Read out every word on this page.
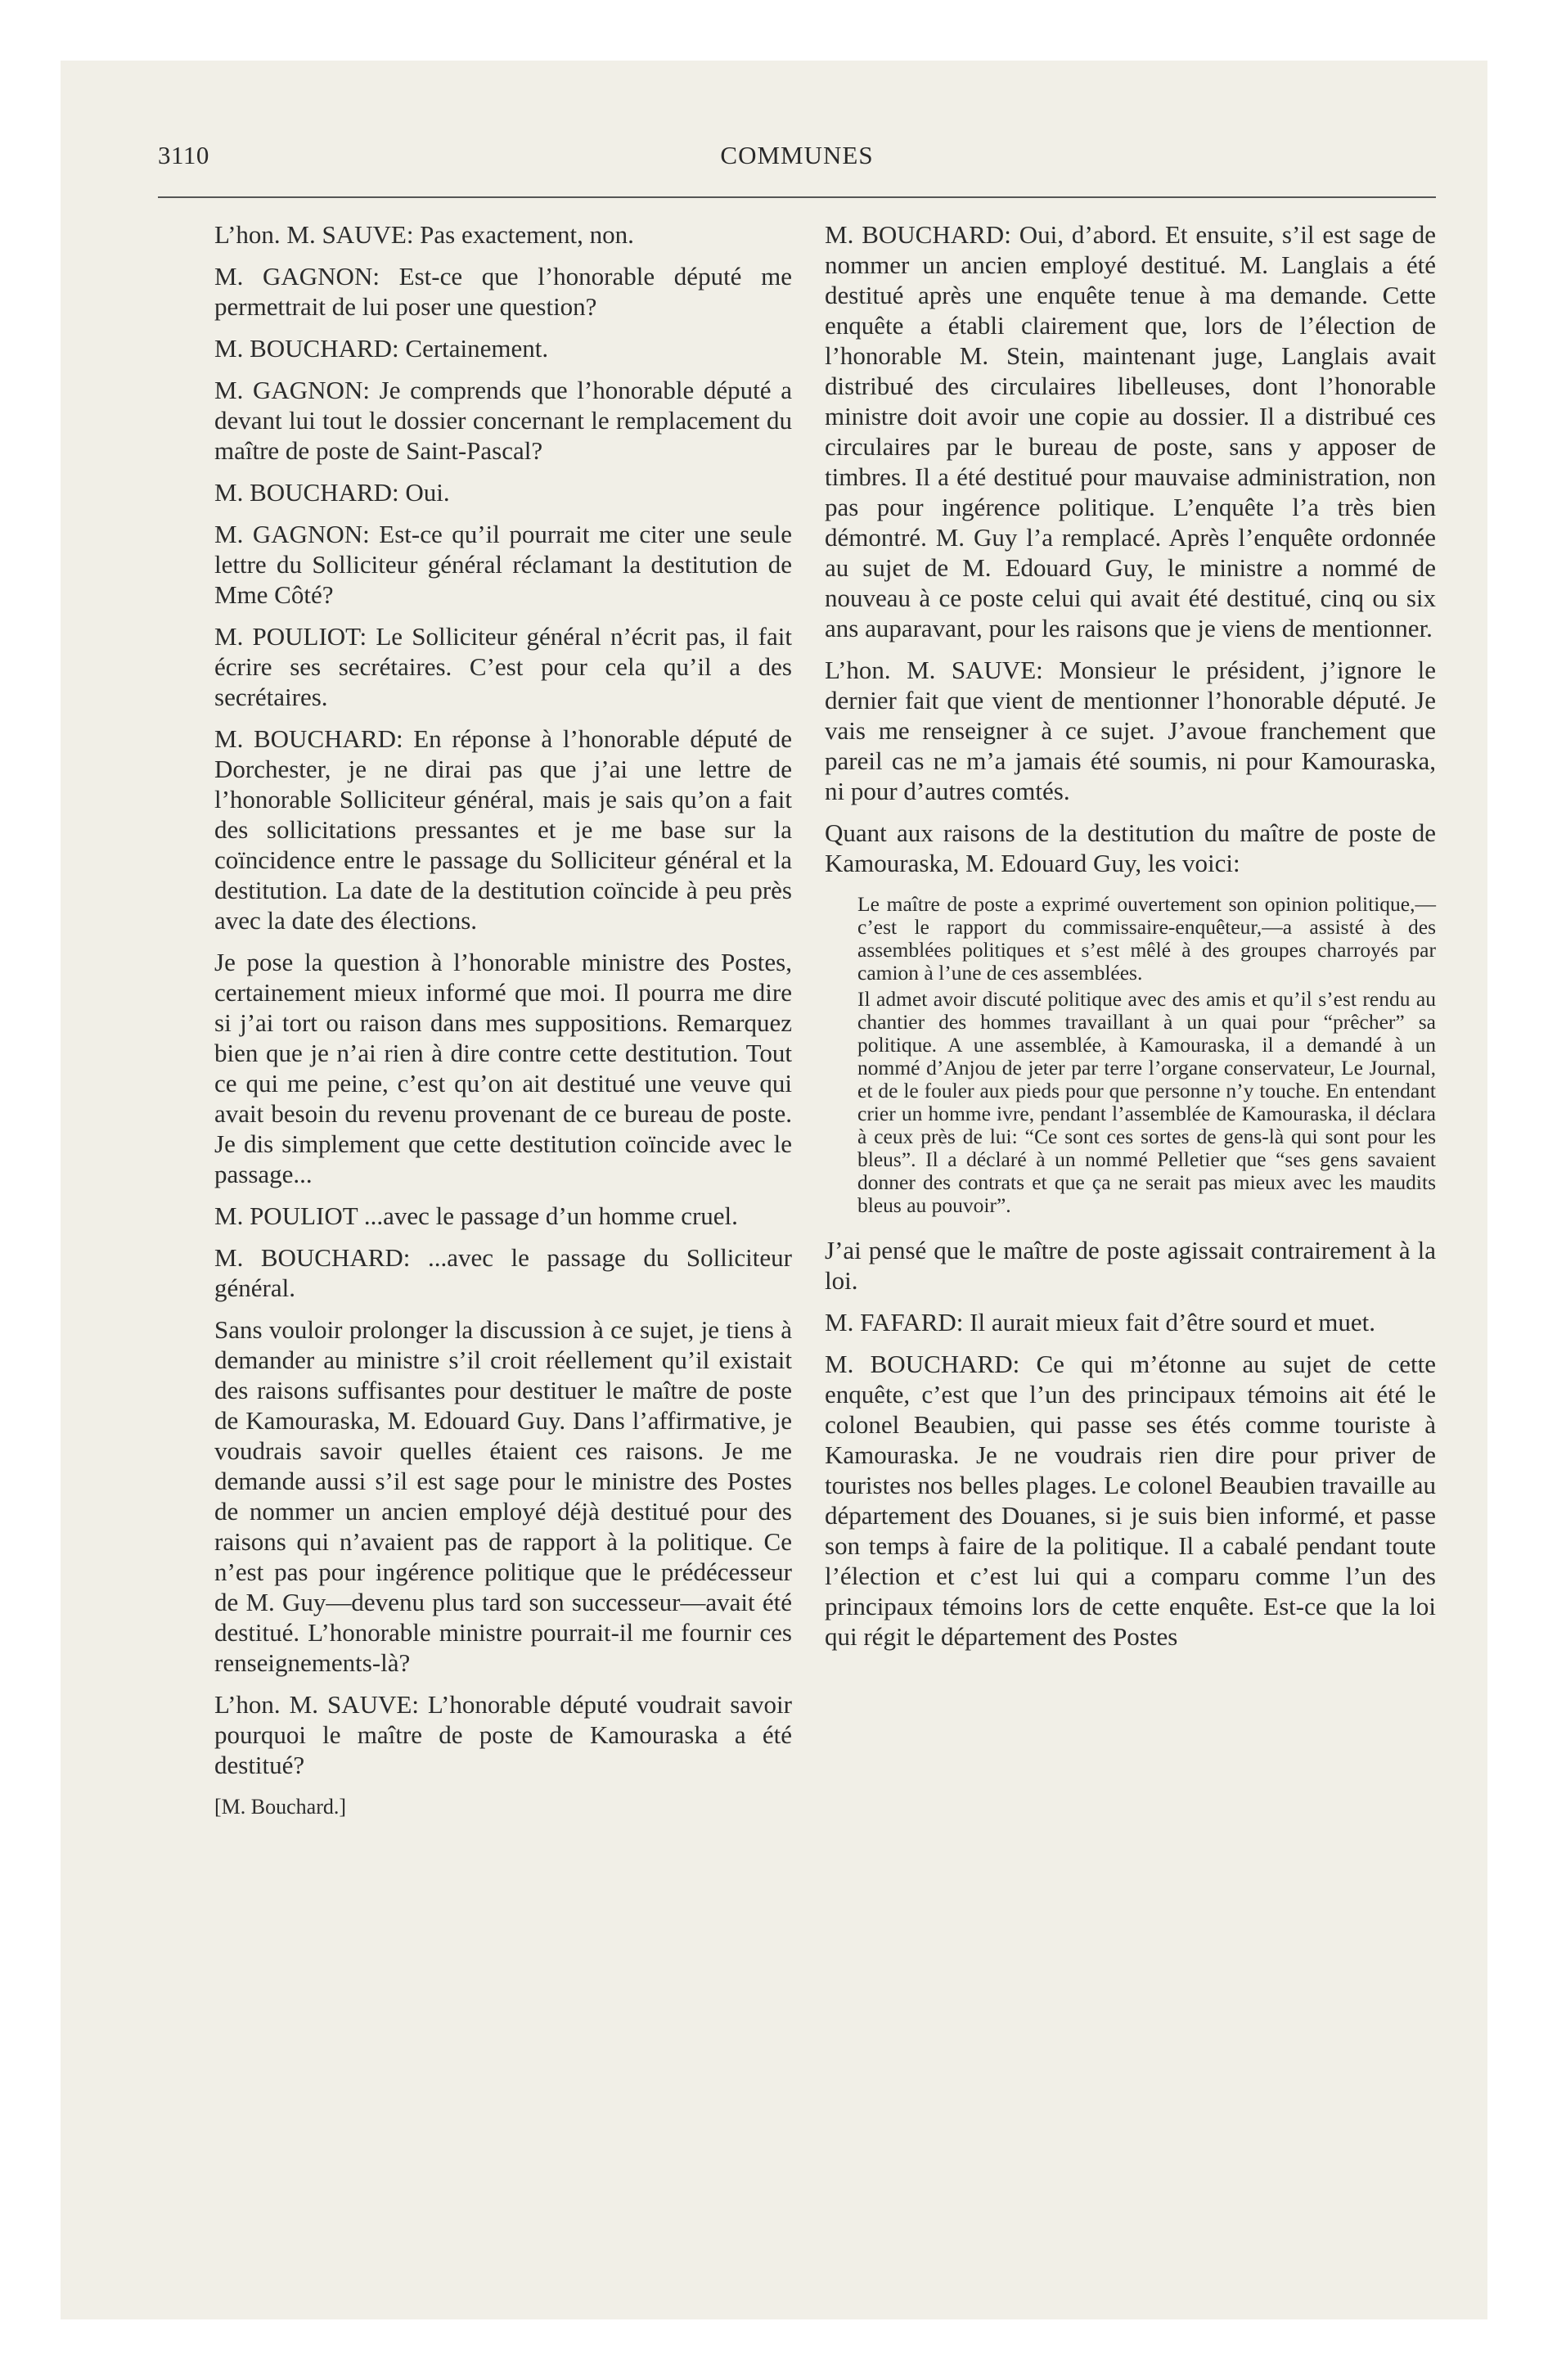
3110	COMMUNES

L’hon. M. SAUVE: Pas exactement, non.

M. GAGNON: Est-ce que l’honorable député me permettrait de lui poser une question?

M. BOUCHARD: Certainement.

M. GAGNON: Je comprends que l’honorable député a devant lui tout le dossier concernant le remplacement du maître de poste de Saint-Pascal?

M. BOUCHARD: Oui.

M. GAGNON: Est-ce qu’il pourrait me citer une seule lettre du Solliciteur général réclamant la destitution de Mme Côté?

M. POULIOT: Le Solliciteur général n’écrit pas, il fait écrire ses secrétaires. C’est pour cela qu’il a des secrétaires.

M. BOUCHARD: En réponse à l’honorable député de Dorchester, je ne dirai pas que j’ai une lettre de l’honorable Solliciteur général, mais je sais qu’on a fait des sollicitations pressantes et je me base sur la coïncidence entre le passage du Solliciteur général et la destitution. La date de la destitution coïncide à peu près avec la date des élections.

Je pose la question à l’honorable ministre des Postes, certainement mieux informé que moi. Il pourra me dire si j’ai tort ou raison dans mes suppositions. Remarquez bien que je n’ai rien à dire contre cette destitution. Tout ce qui me peine, c’est qu’on ait destitué une veuve qui avait besoin du revenu provenant de ce bureau de poste. Je dis simplement que cette destitution coïncide avec le passage...

M. POULIOT ...avec le passage d’un homme cruel.

M. BOUCHARD: ...avec le passage du Solliciteur général.

Sans vouloir prolonger la discussion à ce sujet, je tiens à demander au ministre s’il croit réellement qu’il existait des raisons suffisantes pour destituer le maître de poste de Kamouraska, M. Edouard Guy. Dans l’affirmative, je voudrais savoir quelles étaient ces raisons. Je me demande aussi s’il est sage pour le ministre des Postes de nommer un ancien employé déjà destitué pour des raisons qui n’avaient pas de rapport à la politique. Ce n’est pas pour ingérence politique que le prédécesseur de M. Guy—devenu plus tard son successeur—avait été destitué. L’honorable ministre pourrait-il me fournir ces renseignements-là?

L’hon. M. SAUVE: L’honorable député voudrait savoir pourquoi le maître de poste de Kamouraska a été destitué?

[M. Bouchard.]

M. BOUCHARD: Oui, d’abord. Et ensuite, s’il est sage de nommer un ancien employé destitué. M. Langlais a été destitué après une enquête tenue à ma demande. Cette enquête a établi clairement que, lors de l’élection de l’honorable M. Stein, maintenant juge, Langlais avait distribué des circulaires libelleuses, dont l’honorable ministre doit avoir une copie au dossier. Il a distribué ces circulaires par le bureau de poste, sans y apposer de timbres. Il a été destitué pour mauvaise administration, non pas pour ingérence politique. L’enquête l’a très bien démontré. M. Guy l’a remplacé. Après l’enquête ordonnée au sujet de M. Edouard Guy, le ministre a nommé de nouveau à ce poste celui qui avait été destitué, cinq ou six ans auparavant, pour les raisons que je viens de mentionner.

L’hon. M. SAUVE: Monsieur le président, j’ignore le dernier fait que vient de mentionner l’honorable député. Je vais me renseigner à ce sujet. J’avoue franchement que pareil cas ne m’a jamais été soumis, ni pour Kamouraska, ni pour d’autres comtés.

Quant aux raisons de la destitution du maître de poste de Kamouraska, M. Edouard Guy, les voici:

Le maître de poste a exprimé ouvertement son opinion politique,—c’est le rapport du commissaire-enquêteur,—a assisté à des assemblées politiques et s’est mêlé à des groupes charroyés par camion à l’une de ces assemblées.

Il admet avoir discuté politique avec des amis et qu’il s’est rendu au chantier des hommes travaillant à un quai pour “prêcher” sa politique. A une assemblée, à Kamouraska, il a demandé à un nommé d’Anjou de jeter par terre l’organe conservateur, Le Journal, et de le fouler aux pieds pour que personne n’y touche. En entendant crier un homme ivre, pendant l’assemblée de Kamouraska, il déclara à ceux près de lui: “Ce sont ces sortes de gens-là qui sont pour les bleus”. Il a déclaré à un nommé Pelletier que “ses gens savaient donner des contrats et que ça ne serait pas mieux avec les maudits bleus au pouvoir”.

J’ai pensé que le maître de poste agissait contrairement à la loi.

M. FAFARD: Il aurait mieux fait d’être sourd et muet.

M. BOUCHARD: Ce qui m’étonne au sujet de cette enquête, c’est que l’un des principaux témoins ait été le colonel Beaubien, qui passe ses étés comme touriste à Kamouraska. Je ne voudrais rien dire pour priver de touristes nos belles plages. Le colonel Beaubien travaille au département des Douanes, si je suis bien informé, et passe son temps à faire de la politique. Il a cabalé pendant toute l’élection et c’est lui qui a comparu comme l’un des principaux témoins lors de cette enquête. Est-ce que la loi qui régit le département des Postes
